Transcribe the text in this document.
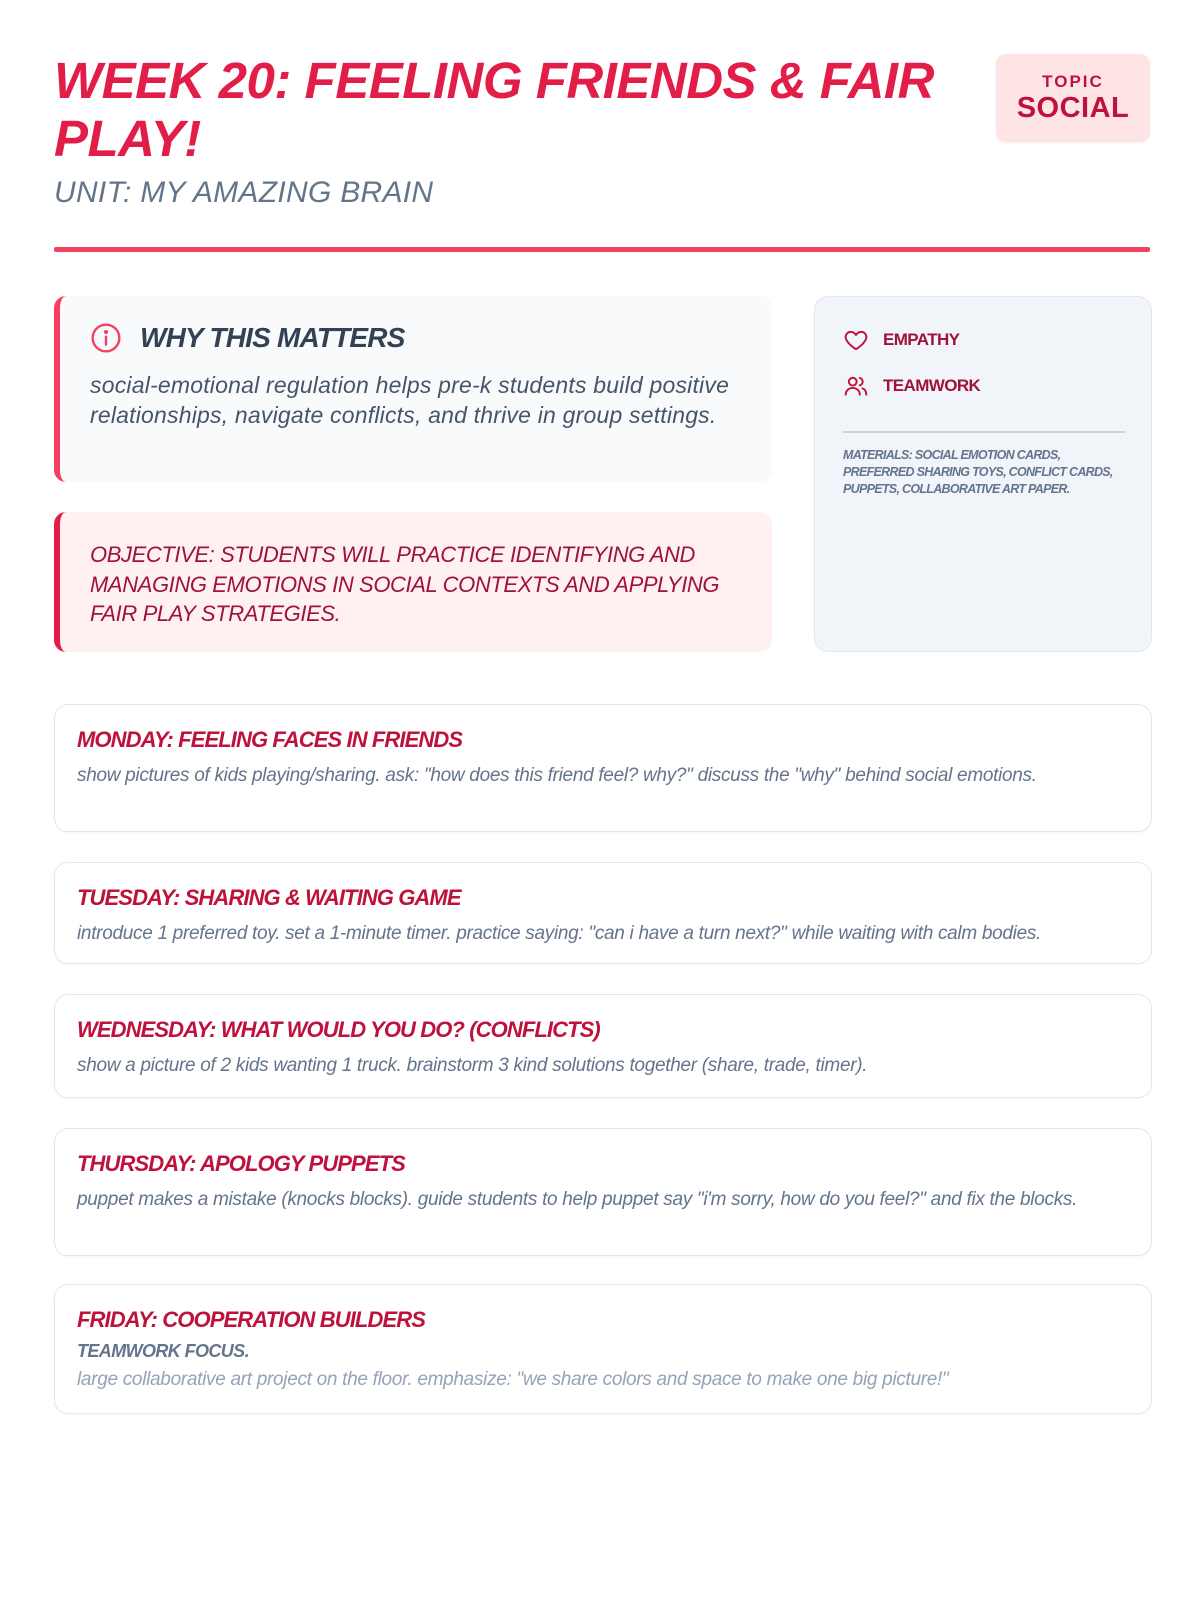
WEEK 20: FEELING FRIENDS & FAIR PLAY!
UNIT: MY AMAZING BRAIN
TOPIC
SOCIAL
WHY THIS MATTERS

social-emotional regulation helps pre-k students build positive relationships, navigate conflicts, and thrive in group settings.

OBJECTIVE: STUDENTS WILL PRACTICE IDENTIFYING AND MANAGING EMOTIONS IN SOCIAL CONTEXTS AND APPLYING FAIR PLAY STRATEGIES.

EMPATHY
TEAMWORK

MATERIALS: SOCIAL EMOTION CARDS, PREFERRED SHARING TOYS, CONFLICT CARDS, PUPPETS, COLLABORATIVE ART PAPER.

MONDAY: FEELING FACES IN FRIENDS

show pictures of kids playing/sharing. ask: "how does this friend feel? why?" discuss the "why" behind social emotions.

TUESDAY: SHARING & WAITING GAME

introduce 1 preferred toy. set a 1-minute timer. practice saying: "can i have a turn next?" while waiting with calm bodies.

WEDNESDAY: WHAT WOULD YOU DO? (CONFLICTS)

show a picture of 2 kids wanting 1 truck. brainstorm 3 kind solutions together (share, trade, timer).

THURSDAY: APOLOGY PUPPETS

puppet makes a mistake (knocks blocks). guide students to help puppet say "i'm sorry, how do you feel?" and fix the blocks.

FRIDAY: COOPERATION BUILDERS
TEAMWORK FOCUS.

large collaborative art project on the floor. emphasize: "we share colors and space to make one big picture!"
